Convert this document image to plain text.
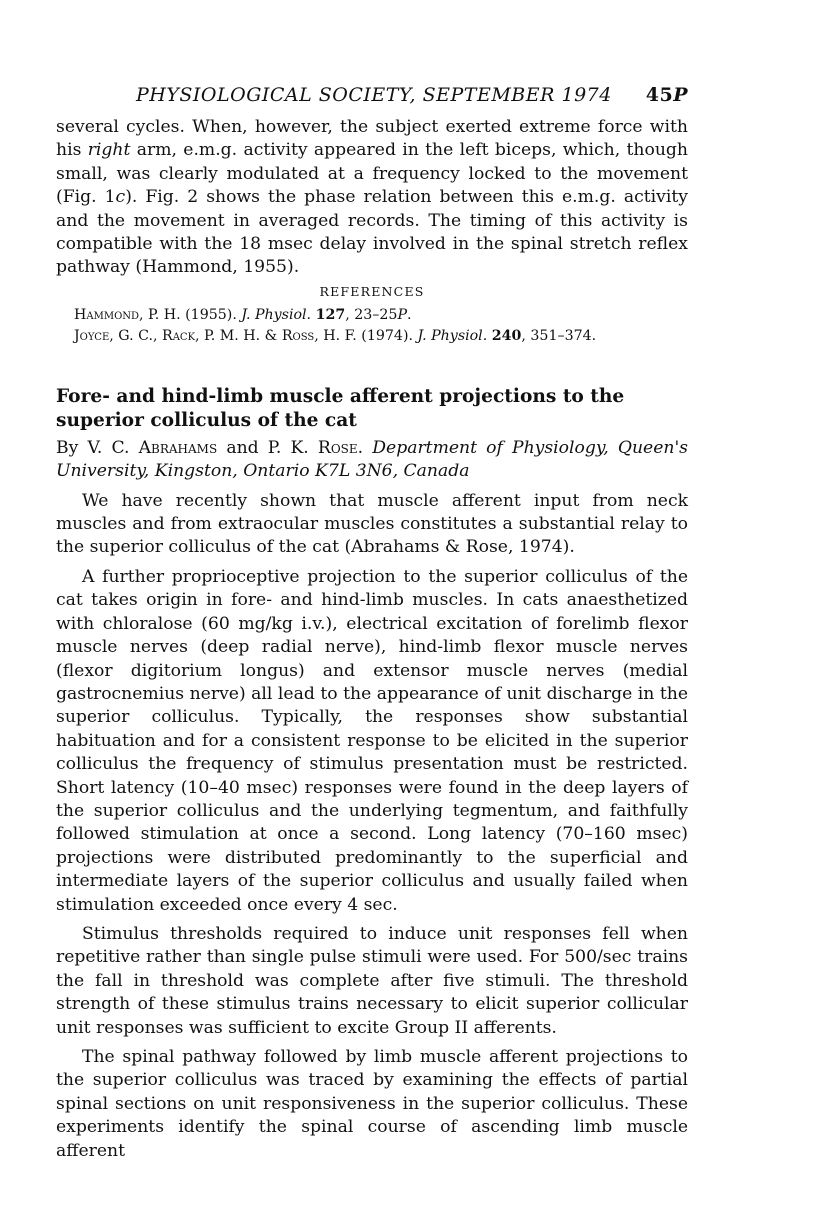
PHYSIOLOGICAL SOCIETY, SEPTEMBER 1974 45P

several cycles. When, however, the subject exerted extreme force with his right arm, e.m.g. activity appeared in the left biceps, which, though small, was clearly modulated at a frequency locked to the movement (Fig. 1c). Fig. 2 shows the phase relation between this e.m.g. activity and the movement in averaged records. The timing of this activity is compatible with the 18 msec delay involved in the spinal stretch reflex pathway (Hammond, 1955).

REFERENCES
Hammond, P. H. (1955). J. Physiol. 127, 23–25P.
Joyce, G. C., Rack, P. M. H. & Ross, H. F. (1974). J. Physiol. 240, 351–374.
Fore- and hind-limb muscle afferent projections to the superior colliculus of the cat

By V. C. Abrahams and P. K. Rose. Department of Physiology, Queen's University, Kingston, Ontario K7L 3N6, Canada

We have recently shown that muscle afferent input from neck muscles and from extraocular muscles constitutes a substantial relay to the superior colliculus of the cat (Abrahams & Rose, 1974).

A further proprioceptive projection to the superior colliculus of the cat takes origin in fore- and hind-limb muscles. In cats anaesthetized with chloralose (60 mg/kg i.v.), electrical excitation of forelimb flexor muscle nerves (deep radial nerve), hind-limb flexor muscle nerves (flexor digitorium longus) and extensor muscle nerves (medial gastrocnemius nerve) all lead to the appearance of unit discharge in the superior colliculus. Typically, the responses show substantial habituation and for a consistent response to be elicited in the superior colliculus the frequency of stimulus presentation must be restricted. Short latency (10–40 msec) responses were found in the deep layers of the superior colliculus and the underlying tegmentum, and faithfully followed stimulation at once a second. Long latency (70–160 msec) projections were distributed predominantly to the superficial and intermediate layers of the superior colliculus and usually failed when stimulation exceeded once every 4 sec.

Stimulus thresholds required to induce unit responses fell when repetitive rather than single pulse stimuli were used. For 500/sec trains the fall in threshold was complete after five stimuli. The threshold strength of these stimulus trains necessary to elicit superior collicular unit responses was sufficient to excite Group II afferents.

The spinal pathway followed by limb muscle afferent projections to the superior colliculus was traced by examining the effects of partial spinal sections on unit responsiveness in the superior colliculus. These experiments identify the spinal course of ascending limb muscle afferent
